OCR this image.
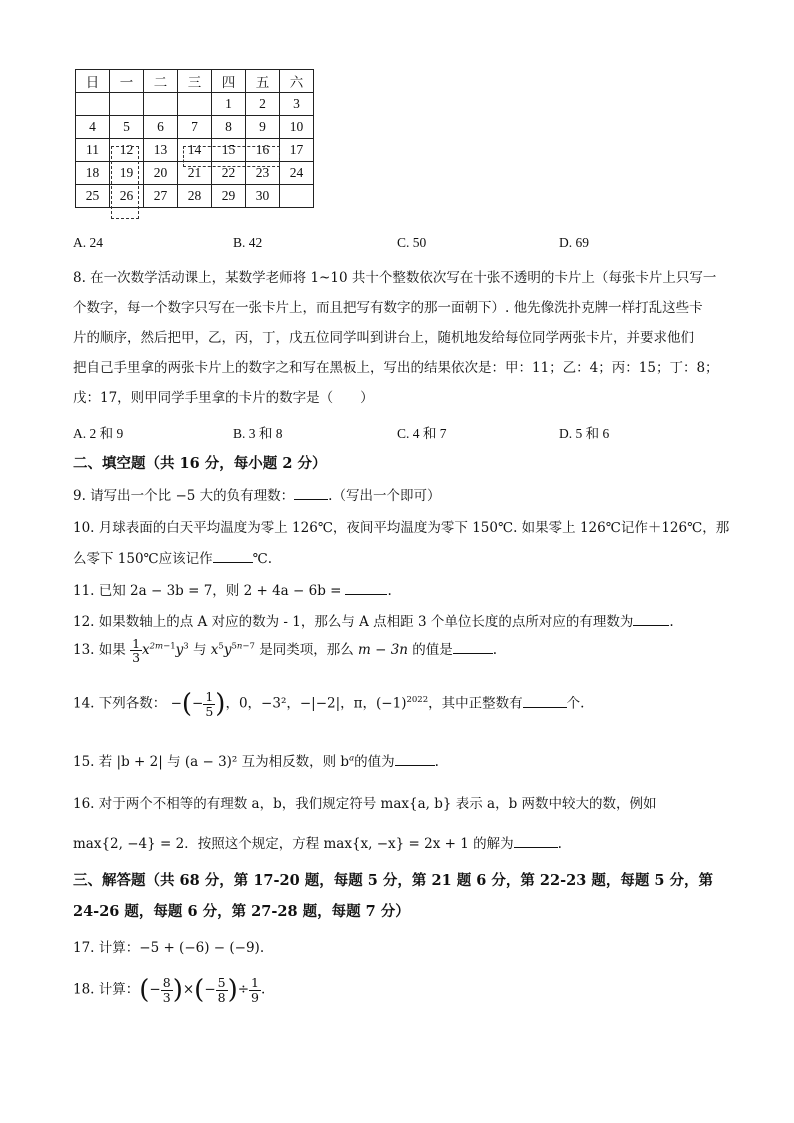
日	一	二	三	四	五	六
				1	2	3
4	5	6	7	8	9	10
11	12	13	14	15	16	17
18	19	20	21	22	23	24
25	26	27	28	29	30	
A. 24	B. 42	C. 50	D. 69
8. 在一次数学活动课上，某数学老师将 1~10 共十个整数依次写在十张不透明的卡片上（每张卡片上只写一
个数字，每一个数字只写在一张卡片上，而且把写有数字的那一面朝下）. 他先像洗扑克牌一样打乱这些卡
片的顺序，然后把甲，乙，丙，丁，戊五位同学叫到讲台上，随机地发给每位同学两张卡片，并要求他们
把自己手里拿的两张卡片上的数字之和写在黑板上，写出的结果依次是：甲：11；乙：4；丙：15；丁：8；
戊：17，则甲同学手里拿的卡片的数字是（　　）
A. 2 和 9	B. 3 和 8	C. 4 和 7	D. 5 和 6
二、填空题（共 16 分，每小题 2 分）
9. 请写出一个比 −5 大的负有理数：	.（写出一个即可）
10. 月球表面的白天平均温度为零上 126℃，夜间平均温度为零下 150℃. 如果零上 126℃记作＋126℃，那
么零下 150℃应该记作	℃.
11. 已知 2a − 3b = 7，则 2 + 4a − 6b =	.
12. 如果数轴上的点 A 对应的数为 - 1，那么与 A 点相距 3 个单位长度的点所对应的有理数为	.
13. 如果 $\frac{1}{3} x^{2m-1}y^3$ 与 $x^5y^{5n-7}$ 是同类项，那么 m − 3n 的值是	.
14. 下列各数： −(− $\frac{1}{5}$ )，0，−3²，−|−2|，π，$(-1)^{2022}$，其中正整数有	个.
15. 若 |b + 2| 与 (a − 3)² 互为相反数，则 $b^a$的值为	.
16. 对于两个不相等的有理数 a，b，我们规定符号 max{a, b} 表示 a，b 两数中较大的数，例如
max{2, −4} = 2．按照这个规定，方程 max{x, −x} = 2x + 1 的解为	.
三、解答题（共 68 分，第 17-20 题，每题 5 分，第 21 题 6 分，第 22-23 题，每题 5 分，第
24-26 题，每题 6 分，第 27-28 题，每题 7 分）
17. 计算：−5 + (−6) − (−9).
18. 计算：(− $\frac{8}{3}$ )×(− $\frac{5}{8}$ )÷ $\frac{1}{9}$ .
